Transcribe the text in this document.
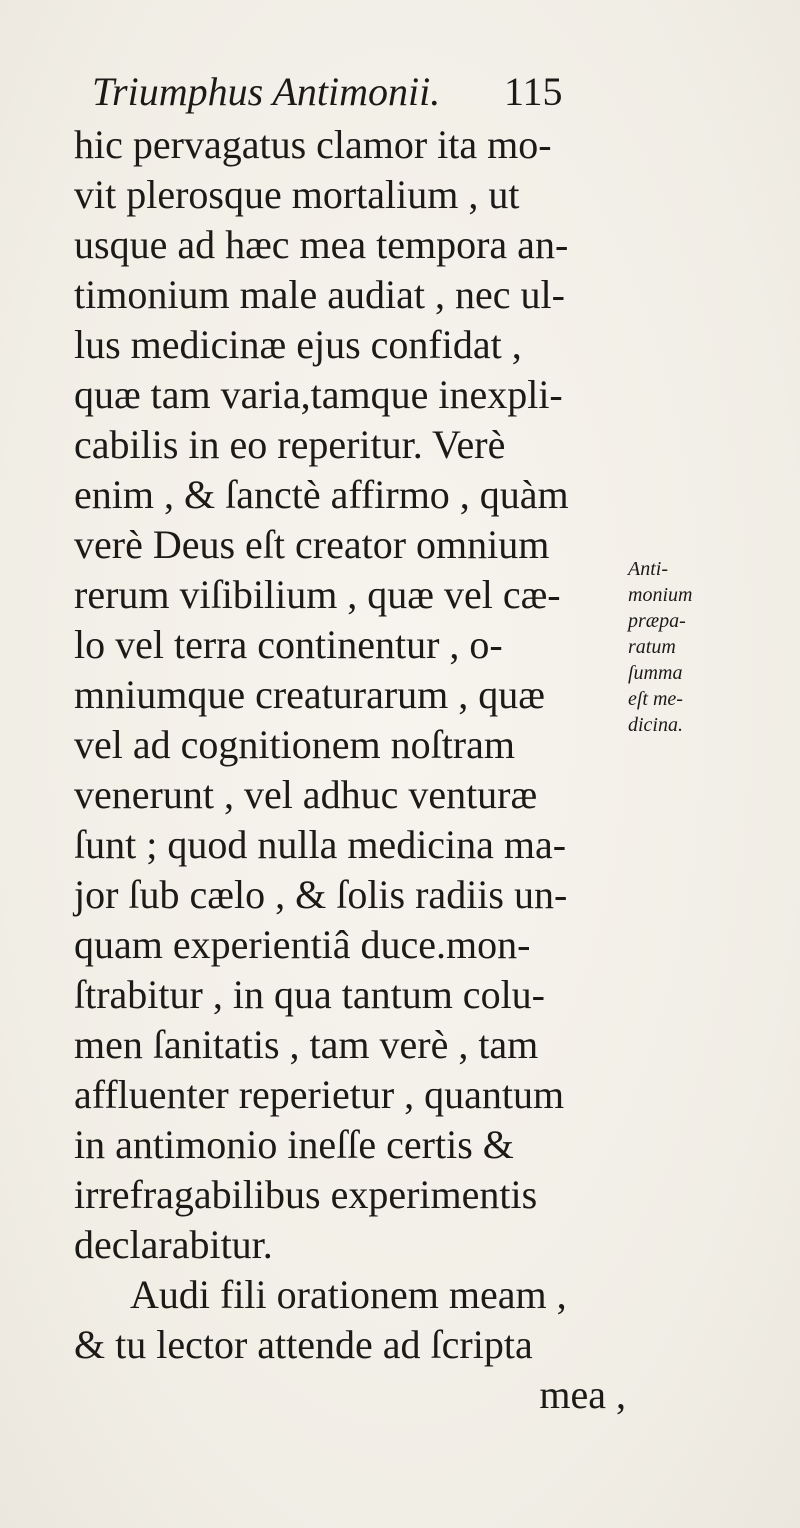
Triumphus Antimonii. 115
hic pervagatus clamor ita mo-
vit plerosque mortalium , ut
usque ad hæc mea tempora an-
timonium male audiat , nec ul-
lus medicinæ ejus confidat ,
quæ tam varia,tamque inexpli-
cabilis in eo reperitur. Verè
enim , & ſanctè affirmo , quàm
verè Deus eſt creator omnium
rerum viſibilium , quæ vel cæ-
lo vel terra continentur , o-
mniumque creaturarum , quæ
vel ad cognitionem noſtram
venerunt , vel adhuc venturæ
ſunt ; quod nulla medicina ma-
jor ſub cælo , & ſolis radiis un-
quam experientiâ duce.mon-
ſtrabitur , in qua tantum colu-
men ſanitatis , tam verè , tam
affluenter reperietur , quantum
in antimonio ineſſe certis &
irrefragabilibus experimentis
declarabitur.
Audi fili orationem meam ,
& tu lector attende ad ſcripta
mea ,
Anti-
monium
præpa-
ratum
ſumma
eſt me-
dicina.
